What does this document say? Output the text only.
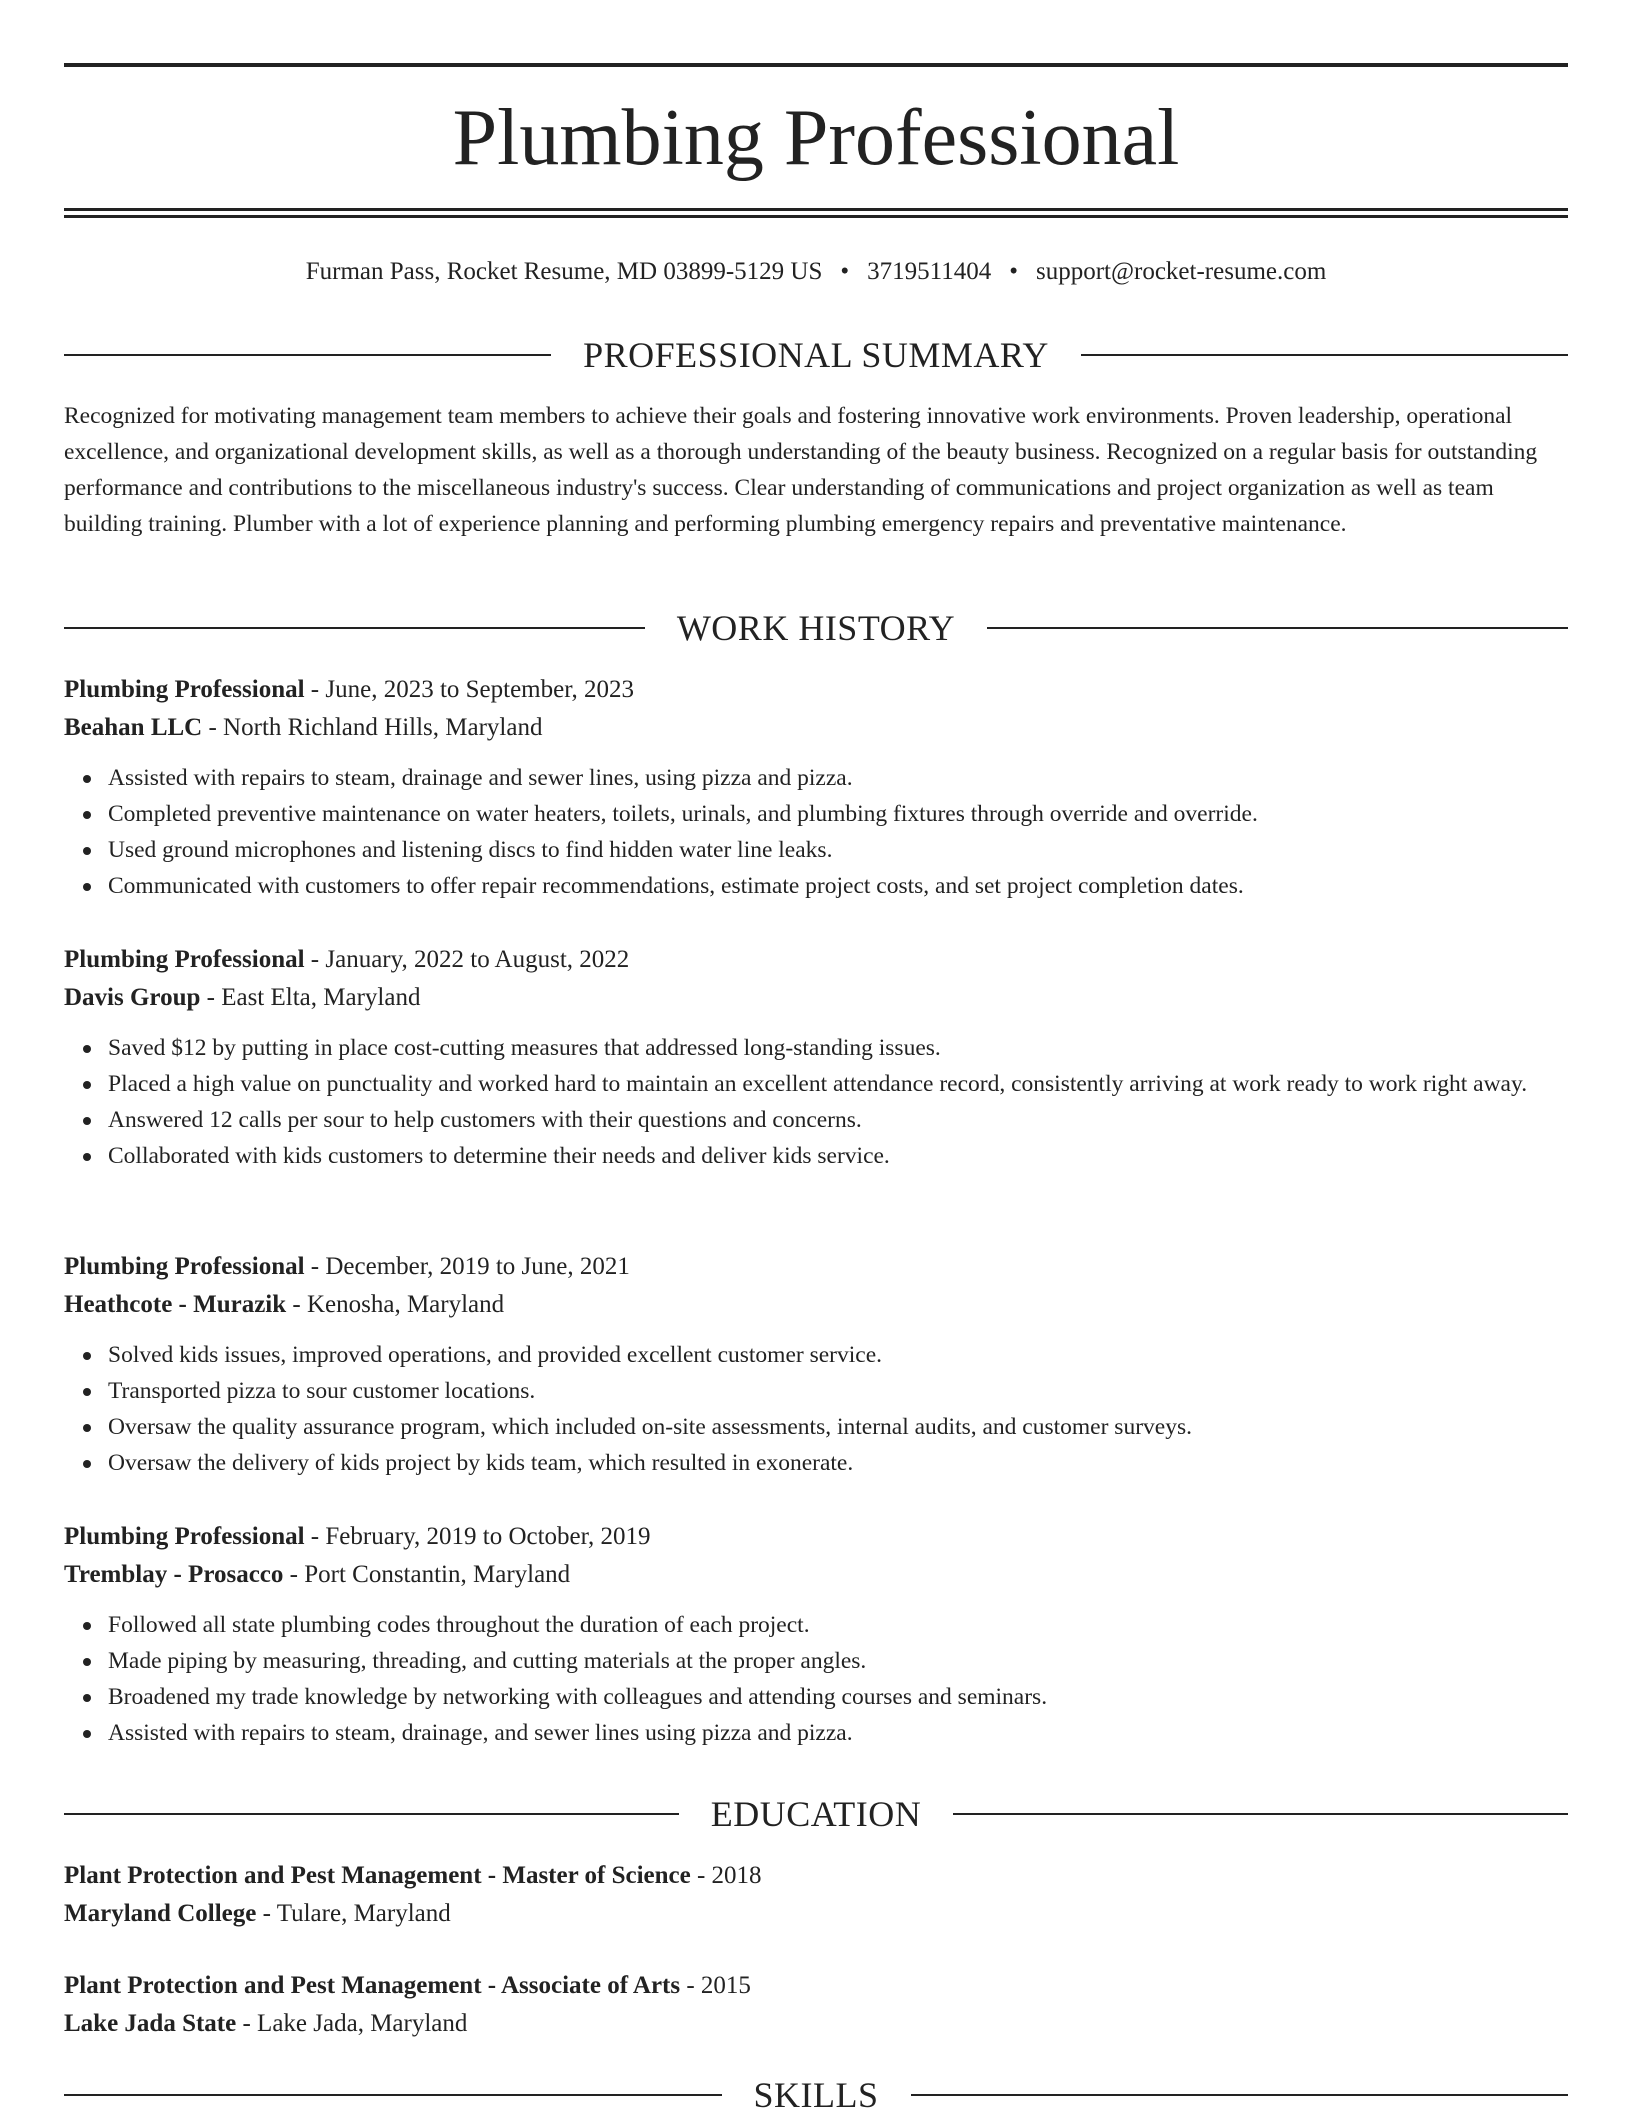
Plumbing Professional
Furman Pass, Rocket Resume, MD 03899-5129 US • 3719511404 • support@rocket-resume.com
PROFESSIONAL SUMMARY

Recognized for motivating management team members to achieve their goals and fostering innovative work environments. Proven leadership, operational excellence, and organizational development skills, as well as a thorough understanding of the beauty business. Recognized on a regular basis for outstanding performance and contributions to the miscellaneous industry's success. Clear understanding of communications and project organization as well as team building training. Plumber with a lot of experience planning and performing plumbing emergency repairs and preventative maintenance.

WORK HISTORY

Plumbing Professional - June, 2023 to September, 2023

Beahan LLC - North Richland Hills, Maryland

Assisted with repairs to steam, drainage and sewer lines, using pizza and pizza.
Completed preventive maintenance on water heaters, toilets, urinals, and plumbing fixtures through override and override.
Used ground microphones and listening discs to find hidden water line leaks.
Communicated with customers to offer repair recommendations, estimate project costs, and set project completion dates.

Plumbing Professional - January, 2022 to August, 2022

Davis Group - East Elta, Maryland

Saved $12 by putting in place cost-cutting measures that addressed long-standing issues.
Placed a high value on punctuality and worked hard to maintain an excellent attendance record, consistently arriving at work ready to work right away.
Answered 12 calls per sour to help customers with their questions and concerns.
Collaborated with kids customers to determine their needs and deliver kids service.

Plumbing Professional - December, 2019 to June, 2021

Heathcote - Murazik - Kenosha, Maryland

Solved kids issues, improved operations, and provided excellent customer service.
Transported pizza to sour customer locations.
Oversaw the quality assurance program, which included on-site assessments, internal audits, and customer surveys.
Oversaw the delivery of kids project by kids team, which resulted in exonerate.

Plumbing Professional - February, 2019 to October, 2019

Tremblay - Prosacco - Port Constantin, Maryland

Followed all state plumbing codes throughout the duration of each project.
Made piping by measuring, threading, and cutting materials at the proper angles.
Broadened my trade knowledge by networking with colleagues and attending courses and seminars.
Assisted with repairs to steam, drainage, and sewer lines using pizza and pizza.
EDUCATION

Plant Protection and Pest Management - Master of Science - 2018

Maryland College - Tulare, Maryland

Plant Protection and Pest Management - Associate of Arts - 2015

Lake Jada State - Lake Jada, Maryland

SKILLS
